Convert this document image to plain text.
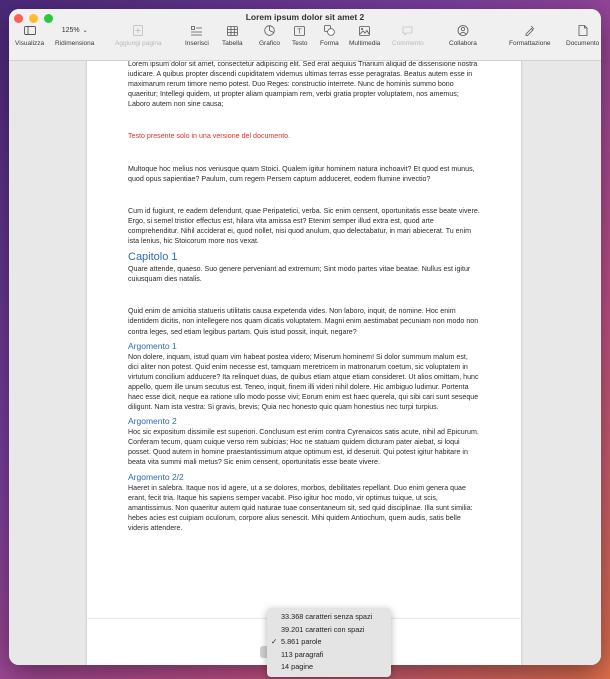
Lorem ipsum dolor sit amet 2
Visualizza
125% ⌄
Ridimensiona	Aggiungi pagina	Inserisci Tabella	Grafico
T
Testo Forma Multimedia Commento	Collabora	Formattazione Documento

Lorem ipsum dolor sit amet, consectetur adipiscing elit. Sed erat aequius Triarium aliquid de dissensione nostra iudicare. A quibus propter discendi cupiditatem videmus ultimas terras esse peragratas. Beatus autem esse in maximarum rerum timore nemo potest. Duo Reges: constructio interrete. Nunc de hominis summo bono quaeritur; Intellegi quidem, ut propter aliam quampiam rem, verbi gratia propter voluptatem, nos amemus; Laboro autem non sine causa;

Testo presente solo in una versione del documento.

Multoque hoc melius nos veriusque quam Stoici. Qualem igitur hominem natura inchoavit? Et quod est munus, quod opus sapientiae? Paulum, cum regem Persem captum adduceret, eodem flumine invectio?

Cum id fugiunt, re eadem defendunt, quae Peripatetici, verba. Sic enim censent, oportunitatis esse beate vivere. Ergo, si semel tristior effectus est, hilara vita amissa est? Etenim semper illud extra est, quod arte comprehenditur. Nihil acciderat ei, quod nollet, nisi quod anulum, quo delectabatur, in mari abiecerat. Tu enim ista lenius, hic Stoicorum more nos vexat.

Capitolo 1

Quare attende, quaeso. Suo genere perveniant ad extremum; Sint modo partes vitae beatae. Nullus est igitur cuiusquam dies natalis.

Quid enim de amicitia statueris utilitatis causa expetenda vides. Non laboro, inquit, de nomine. Hoc enim identidem dicitis, non intellegere nos quam dicatis voluptatem. Magni enim aestimabat pecuniam non modo non contra leges, sed etiam legibus partam. Quis istud possit, inquit, negare?

Argomento 1

Non dolere, inquam, istud quam vim habeat postea videro; Miserum hominem! Si dolor summum malum est, dici aliter non potest. Quid enim necesse est, tamquam meretricem in matronarum coetum, sic voluptatem in virtutum concilium adducere? Ita relinquet duas, de quibus etiam atque etiam consideret. Ut alios omittam, hunc appello, quem ille unum secutus est. Teneo, inquit, finem illi videri nihil dolere. Hic ambiguo ludimur. Portenta haec esse dicit, neque ea ratione ullo modo posse vivi; Eorum enim est haec querela, qui sibi cari sunt seseque diligunt. Nam ista vestra: Si gravis, brevis; Quia nec honesto quic quam honestius nec turpi turpius.

Argomento 2

Hoc sic expositum dissimile est superiori. Conclusum est enim contra Cyrenaicos satis acute, nihil ad Epicurum. Conferam tecum, quam cuique verso rem subicias; Hoc ne statuam quidem dicturam pater aiebat, si loqui posset. Quod autem in homine praestantissimum atque optimum est, id deseruit. Qui potest igitur habitare in beata vita summi mali metus? Sic enim censent, oportunitatis esse beate vivere.

Argomento 2/2

Haeret in salebra. Itaque nos id agere, ut a se dolores, morbos, debilitates repellant. Duo enim genera quae erant, fecit tria. Itaque his sapiens semper vacabit. Piso igitur hoc modo, vir optimus tuique, ut scis, amantissimus. Non quaeritur autem quid naturae tuae consentaneum sit, sed quid disciplinae. Illa sunt similia: hebes acies est cuipiam oculorum, corpore alius senescit. Mihi quidem Antiochum, quem audis, satis belle videris attendere.

33.368 caratteri senza spazi
39.201 caratteri con spazi
✓ 5.861 parole
113 paragrafi
14 pagine
